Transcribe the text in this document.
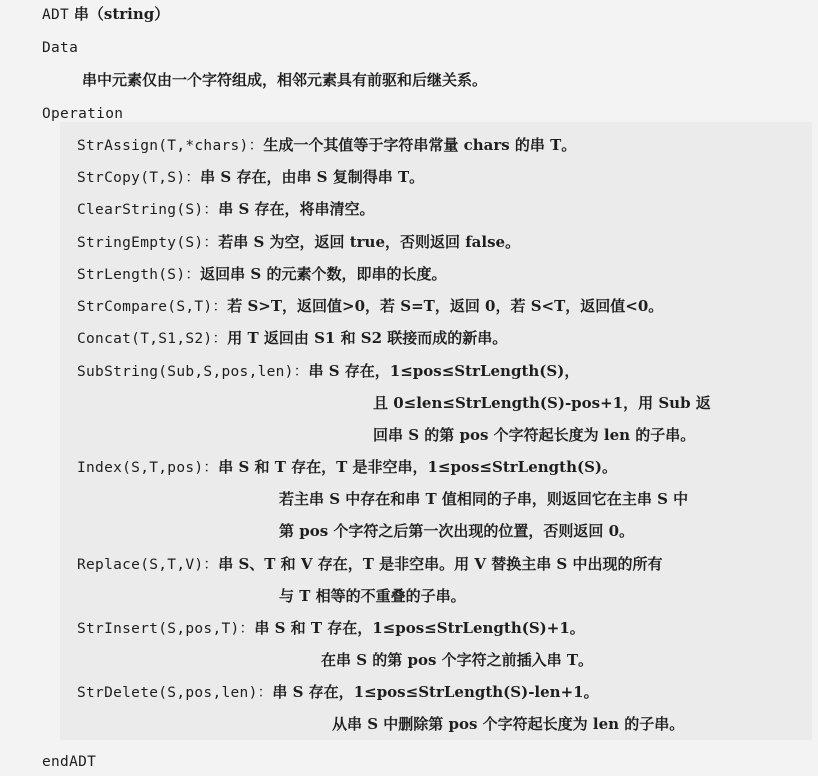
ADT 串（string）
Data
串中元素仅由一个字符组成，相邻元素具有前驱和后继关系。
Operation
StrAssign(T,*chars)：生成一个其值等于字符串常量 chars 的串 T。
StrCopy(T,S)：串 S 存在，由串 S 复制得串 T。
ClearString(S)：串 S 存在，将串清空。
StringEmpty(S)：若串 S 为空，返回 true，否则返回 false。
StrLength(S)：返回串 S 的元素个数，即串的长度。
StrCompare(S,T)：若 S>T，返回值>0，若 S=T，返回 0，若 S<T，返回值<0。
Concat(T,S1,S2)：用 T 返回由 S1 和 S2 联接而成的新串。
SubString(Sub,S,pos,len)：串 S 存在，1≤pos≤StrLength(S)，
且 0≤len≤StrLength(S)-pos+1，用 Sub 返
回串 S 的第 pos 个字符起长度为 len 的子串。
Index(S,T,pos)：串 S 和 T 存在，T 是非空串，1≤pos≤StrLength(S)。
若主串 S 中存在和串 T 值相同的子串，则返回它在主串 S 中
第 pos 个字符之后第一次出现的位置，否则返回 0。
Replace(S,T,V)：串 S、T 和 V 存在，T 是非空串。用 V 替换主串 S 中出现的所有
与 T 相等的不重叠的子串。
StrInsert(S,pos,T)：串 S 和 T 存在，1≤pos≤StrLength(S)+1。
在串 S 的第 pos 个字符之前插入串 T。
StrDelete(S,pos,len)：串 S 存在，1≤pos≤StrLength(S)-len+1。
从串 S 中删除第 pos 个字符起长度为 len 的子串。
endADT
